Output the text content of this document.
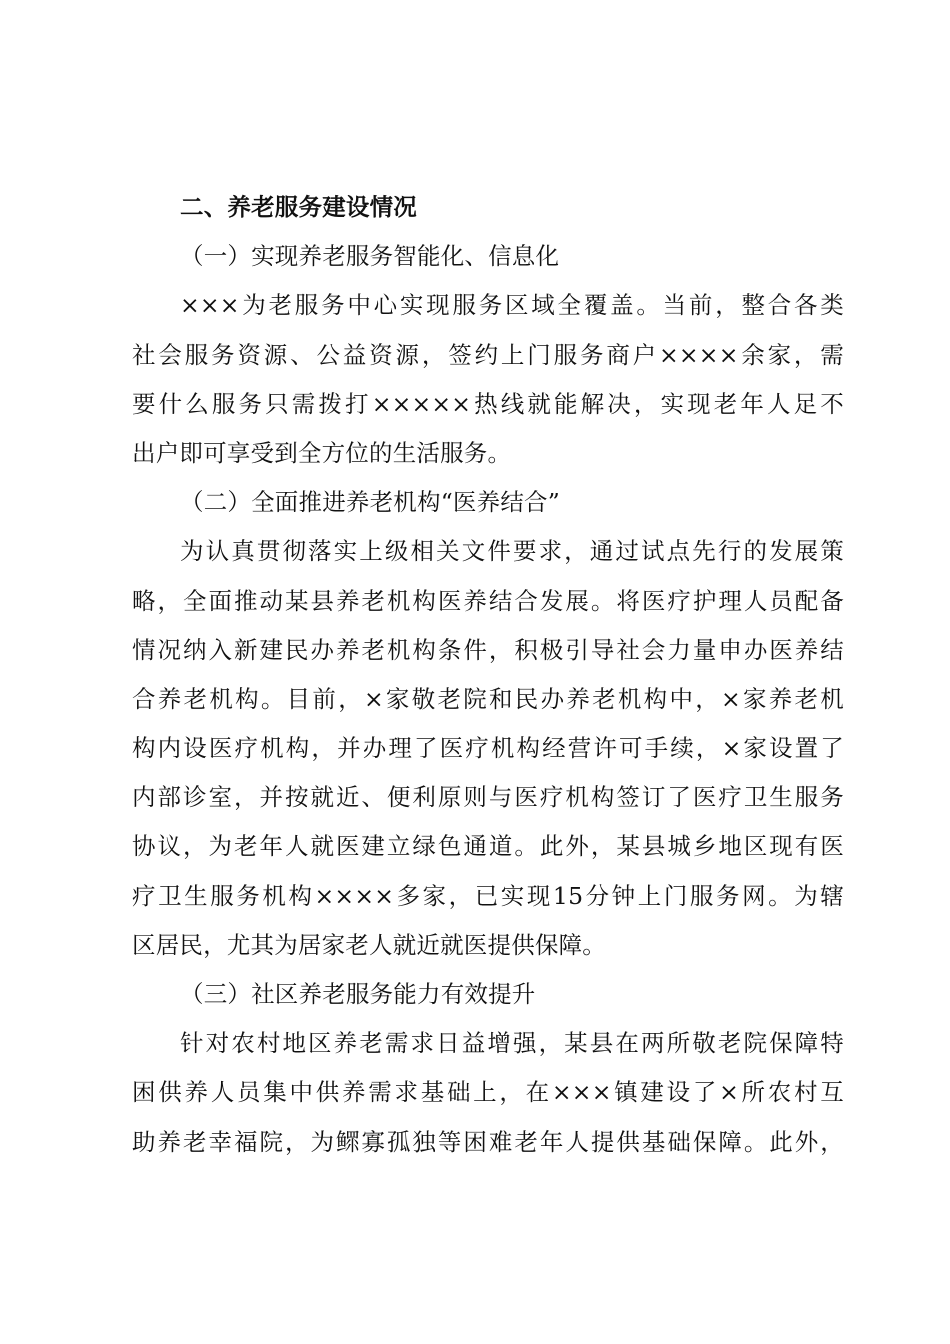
二、养老服务建设情况
（一）实现养老服务智能化、信息化
×××为老服务中心实现服务区域全覆盖。当前，整合各类
社会服务资源、公益资源，签约上门服务商户××××余家，需
要什么服务只需拨打×××××热线就能解决，实现老年人足不
出户即可享受到全方位的生活服务。
（二）全面推进养老机构“医养结合”
为认真贯彻落实上级相关文件要求，通过试点先行的发展策
略，全面推动某县养老机构医养结合发展。将医疗护理人员配备
情况纳入新建民办养老机构条件，积极引导社会力量申办医养结
合养老机构。目前，×家敬老院和民办养老机构中，×家养老机
构内设医疗机构，并办理了医疗机构经营许可手续，×家设置了
内部诊室，并按就近、便利原则与医疗机构签订了医疗卫生服务
协议，为老年人就医建立绿色通道。此外，某县城乡地区现有医
疗卫生服务机构××××多家，已实现15分钟上门服务网。为辖
区居民，尤其为居家老人就近就医提供保障。
（三）社区养老服务能力有效提升
针对农村地区养老需求日益增强，某县在两所敬老院保障特
困供养人员集中供养需求基础上，在×××镇建设了×所农村互
助养老幸福院，为鳏寡孤独等困难老年人提供基础保障。此外，
